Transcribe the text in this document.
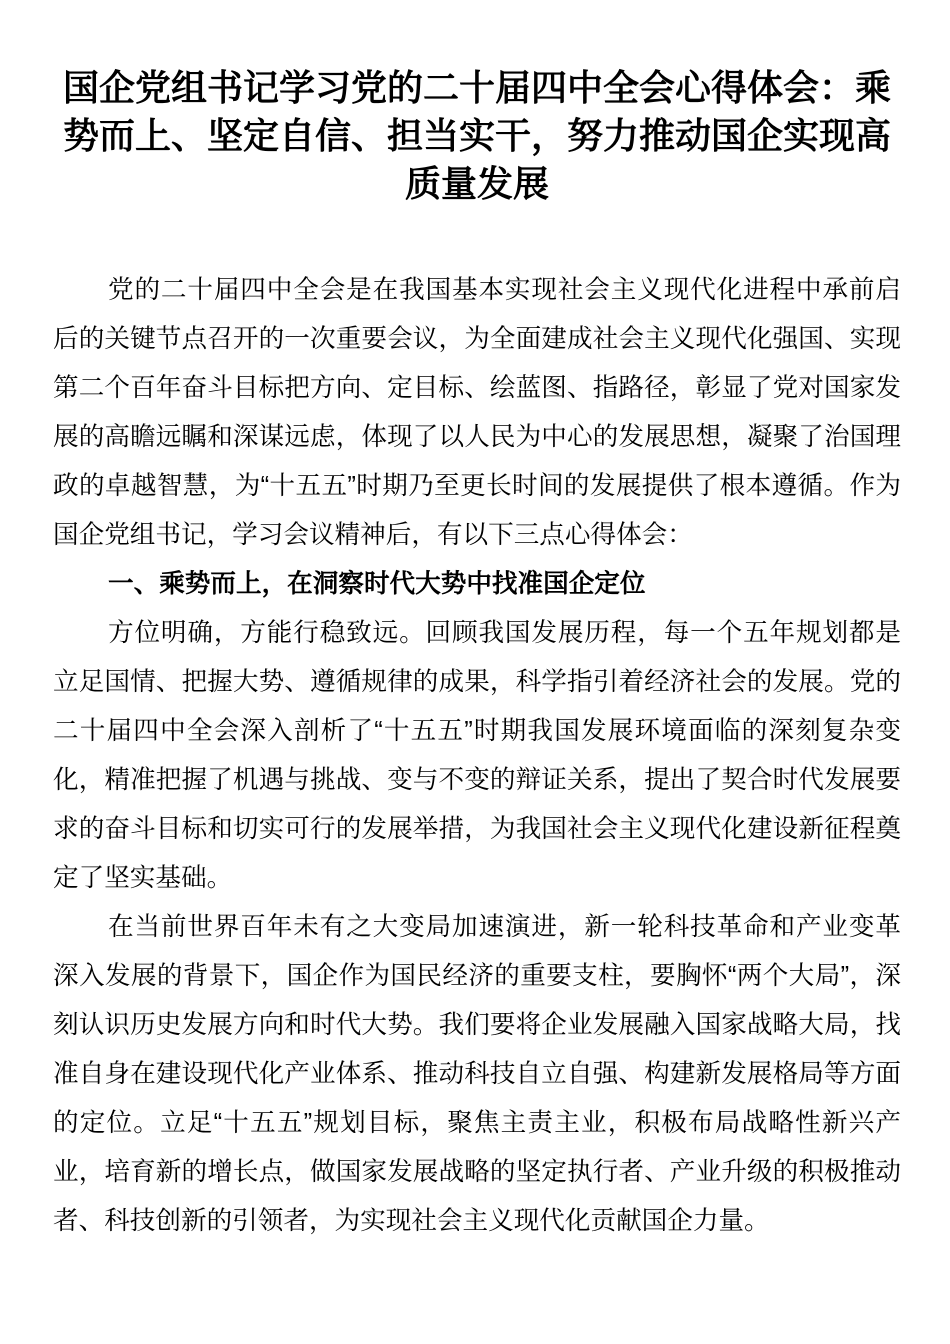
国企党组书记学习党的二十届四中全会心得体会：乘势而上、坚定自信、担当实干，努力推动国企实现高质量发展

党的二十届四中全会是在我国基本实现社会主义现代化进程中承前启后的关键节点召开的一次重要会议，为全面建成社会主义现代化强国、实现第二个百年奋斗目标把方向、定目标、绘蓝图、指路径，彰显了党对国家发展的高瞻远瞩和深谋远虑，体现了以人民为中心的发展思想，凝聚了治国理政的卓越智慧，为“十五五”时期乃至更长时间的发展提供了根本遵循。作为国企党组书记，学习会议精神后，有以下三点心得体会：

一、乘势而上，在洞察时代大势中找准国企定位

方位明确，方能行稳致远。回顾我国发展历程，每一个五年规划都是立足国情、把握大势、遵循规律的成果，科学指引着经济社会的发展。党的二十届四中全会深入剖析了“十五五”时期我国发展环境面临的深刻复杂变化，精准把握了机遇与挑战、变与不变的辩证关系，提出了契合时代发展要求的奋斗目标和切实可行的发展举措，为我国社会主义现代化建设新征程奠定了坚实基础。

在当前世界百年未有之大变局加速演进，新一轮科技革命和产业变革深入发展的背景下，国企作为国民经济的重要支柱，要胸怀“两个大局”，深刻认识历史发展方向和时代大势。我们要将企业发展融入国家战略大局，找准自身在建设现代化产业体系、推动科技自立自强、构建新发展格局等方面的定位。立足“十五五”规划目标，聚焦主责主业，积极布局战略性新兴产业，培育新的增长点，做国家发展战略的坚定执行者、产业升级的积极推动者、科技创新的引领者，为实现社会主义现代化贡献国企力量。
